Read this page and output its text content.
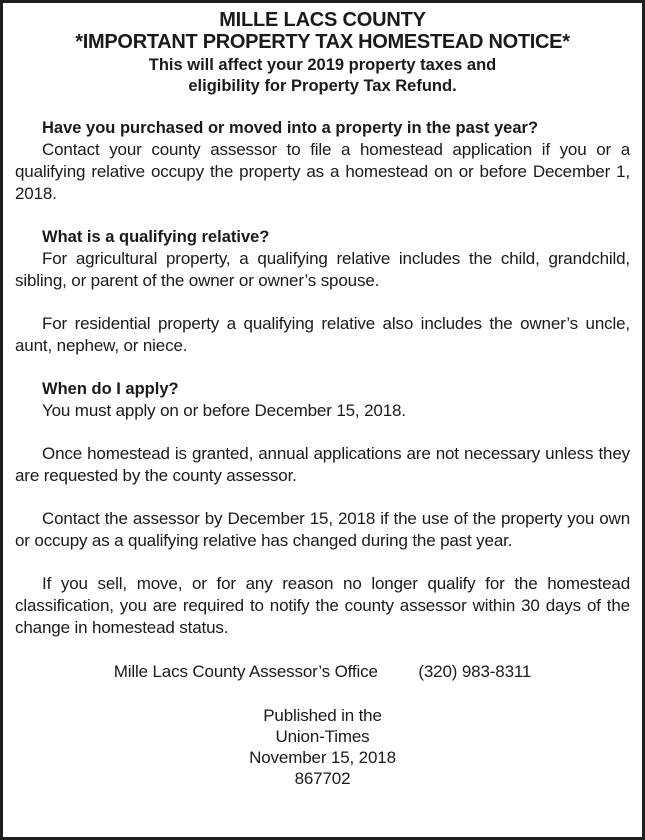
MILLE LACS COUNTY
*IMPORTANT PROPERTY TAX HOMESTEAD NOTICE*
This will affect your 2019 property taxes and
eligibility for Property Tax Refund.
Have you purchased or moved into a property in the past year?
Contact your county assessor to file a homestead application if you or a qualifying relative occupy the property as a homestead on or before December 1, 2018.
What is a qualifying relative?
For agricultural property, a qualifying relative includes the child, grandchild, sibling, or parent of the owner or owner’s spouse.
For residential property a qualifying relative also includes the owner’s uncle, aunt, nephew, or niece.
When do I apply?
You must apply on or before December 15, 2018.
Once homestead is granted, annual applications are not necessary unless they are requested by the county assessor.
Contact the assessor by December 15, 2018 if the use of the property you own or occupy as a qualifying relative has changed during the past year.
If you sell, move, or for any reason no longer qualify for the homestead classification, you are required to notify the county assessor within 30 days of the change in homestead status.
Mille Lacs County Assessor’s Office (320) 983-8311
Published in the
Union-Times
November 15, 2018
867702
